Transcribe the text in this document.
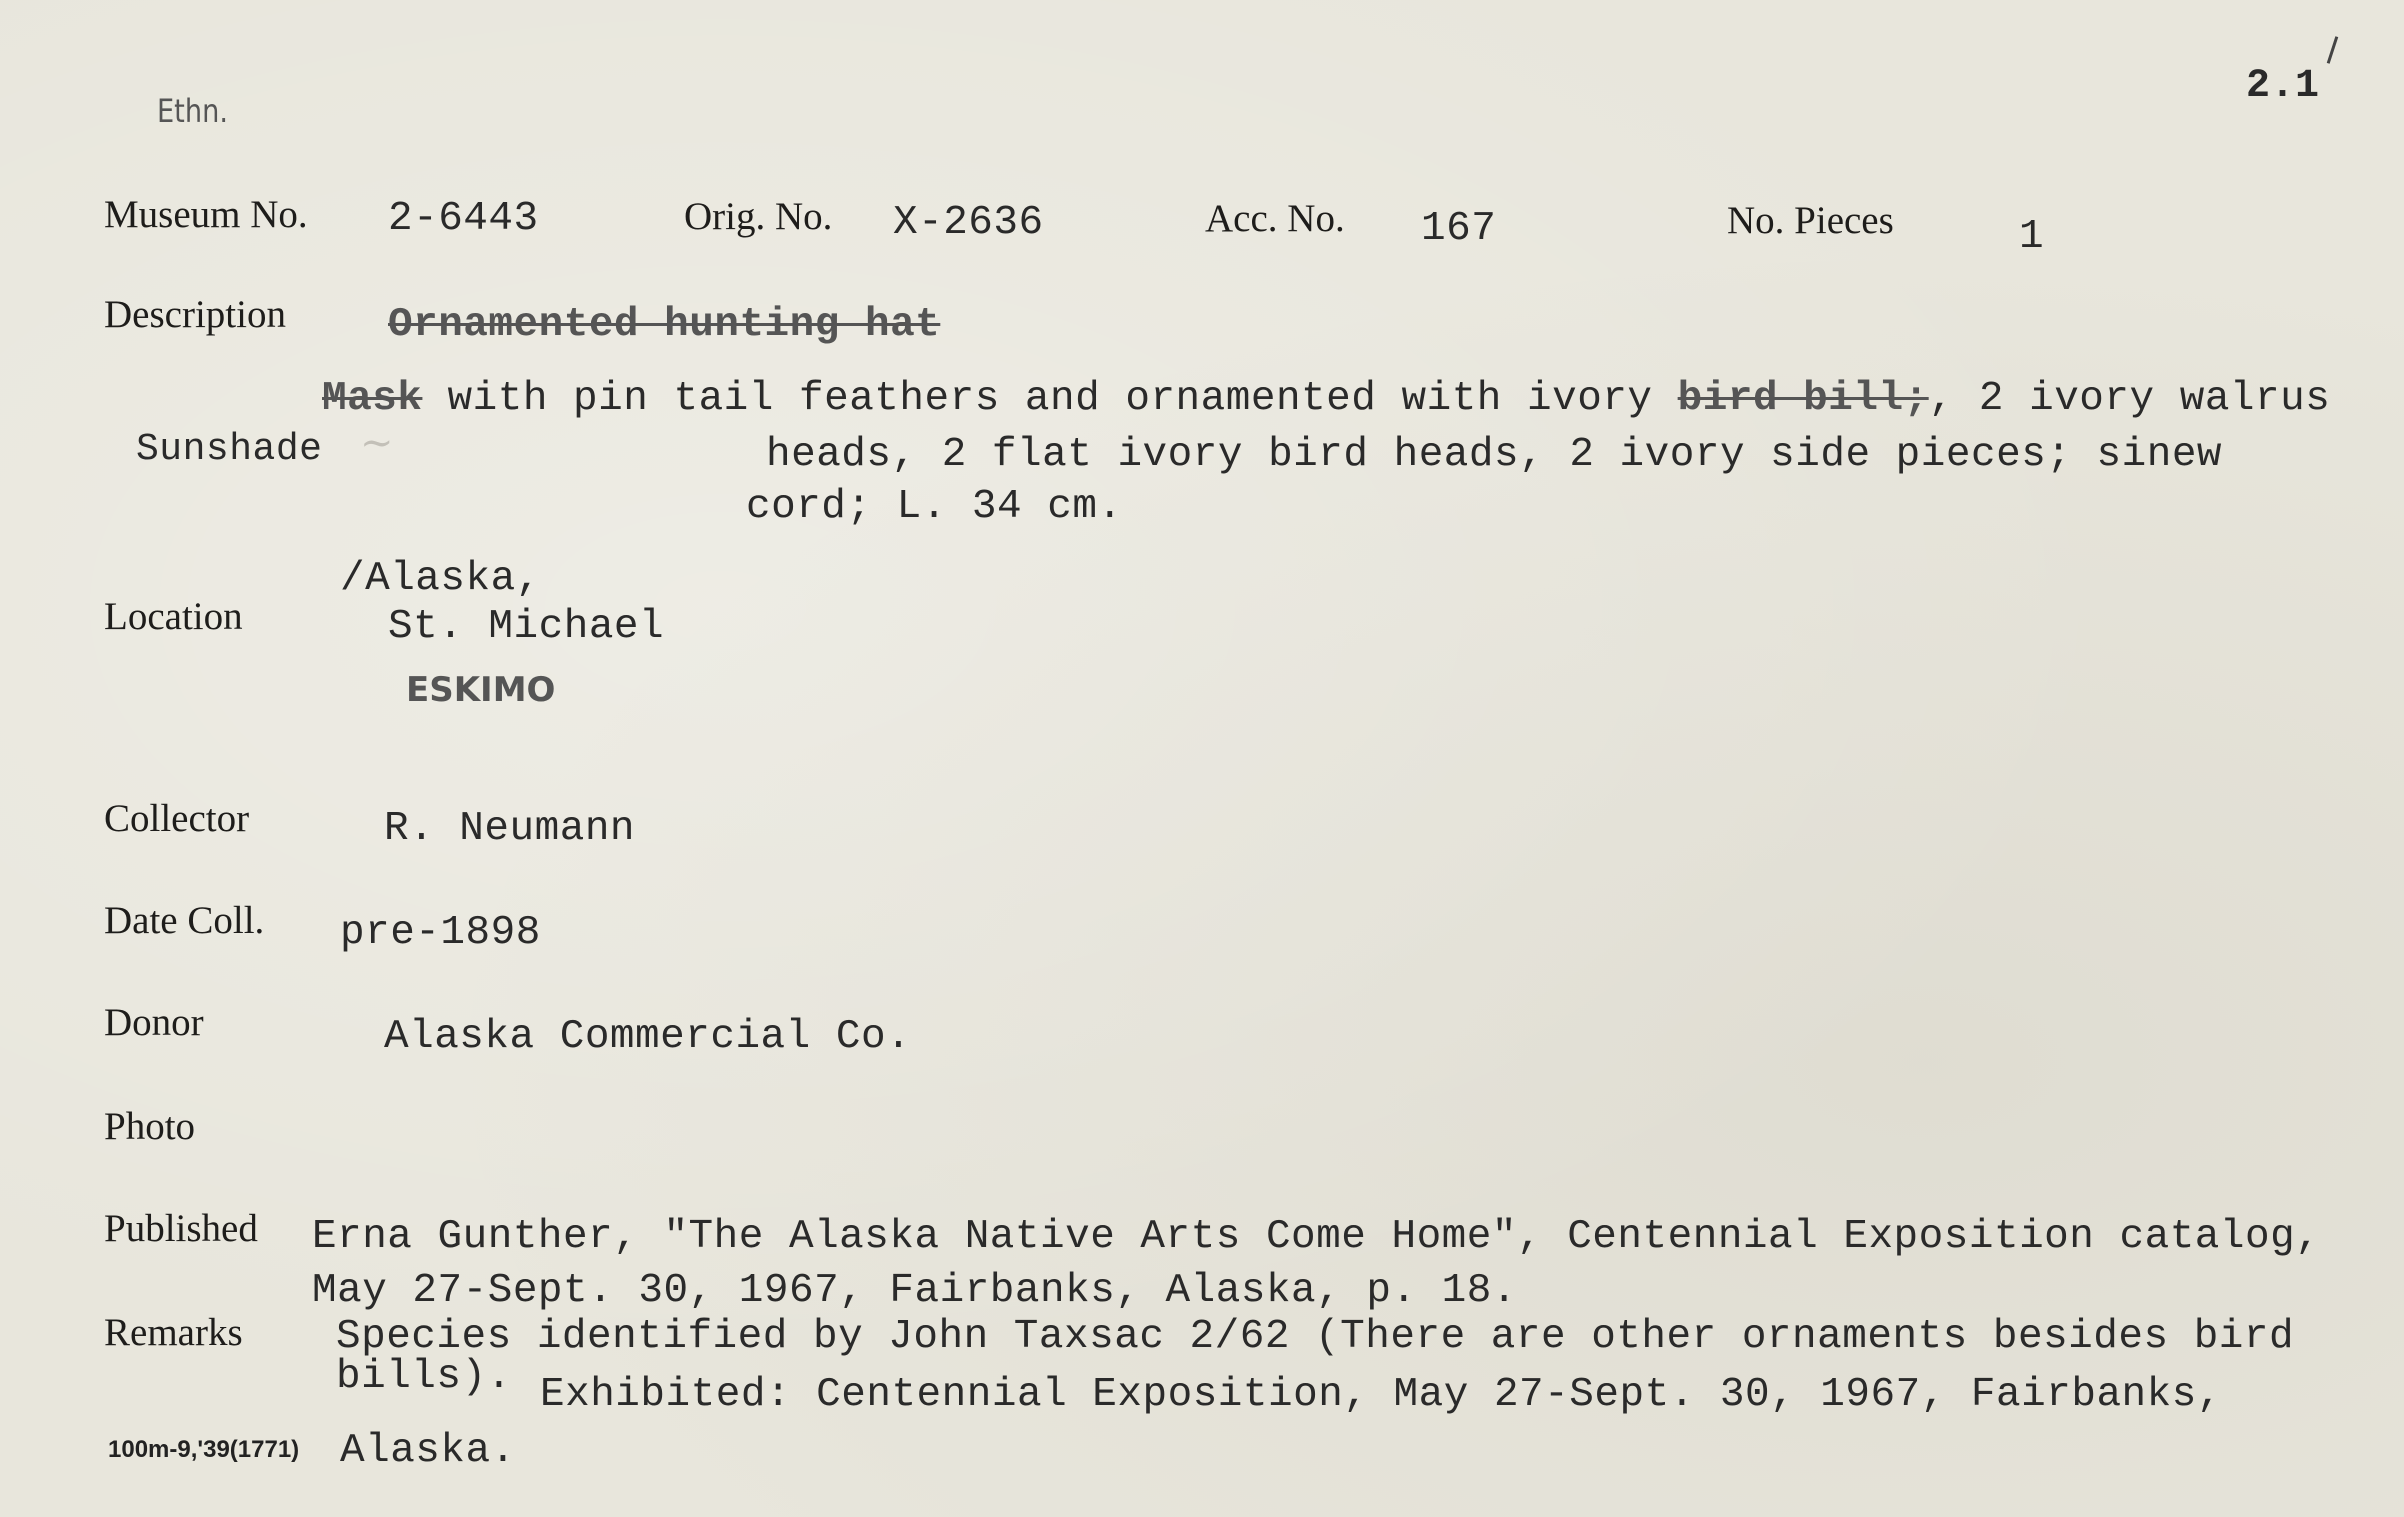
Ethn.
2.1
Museum No. 2-6443	Orig. No. X-2636	Acc. No. 167	No. Pieces	1
Description Ornamented hunting hat
Mask with pin tail feathers and ornamented with ivory bird bill;, 2 ivory walrus
Sunshade ~	heads, 2 flat ivory bird heads, 2 ivory side pieces; sinew
cord; L. 34 cm.
Location
/Alaska,
St. Michael
ESKIMO
Collector	R. Neumann
Date Coll. pre-1898
Donor	Alaska Commercial Co.
Photo
Published Erna Gunther, "The Alaska Native Arts Come Home", Centennial Exposition catalog,
May 27-Sept. 30, 1967, Fairbanks, Alaska, p. 18.
Remarks Species identified by John Taxsac 2/62 (There are other ornaments besides bird
bills). Exhibited: Centennial Exposition, May 27-Sept. 30, 1967, Fairbanks,
Alaska.
100m-9,'39(1771)
